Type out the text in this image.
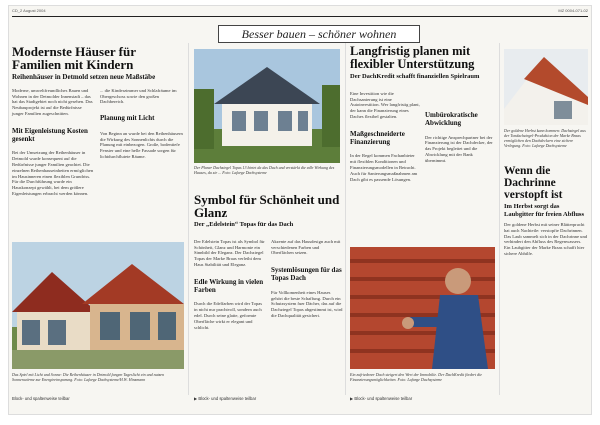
CD_2 August 2004	MZ 0004-071-02
Besser bauen – schöner wohnen
Modernste Häuser für Familien mit Kindern
Reihenhäuser in Detmold setzen neue Maßstäbe

Moderne, umweltfreundliches Bauen und Wohnen in der Detmolder Innenstadt – das hat das Stadtgebiet noch nicht gesehen. Das Neubauprojekt ist auf die Bedürfnisse junger Familien zugeschnitten.

Mit Eigenleistung Kosten gesenkt

Bei der Umsetzung der Reihenhäuser in Detmold wurde konsequent auf die Bedürfnisse junger Familien geachtet. Die einzelnen Reihenhauseinheiten ermöglichen im Hausinneren einen flexiblen Grundriss.
Für die Durchführung wurde ein Hauskonzept gewählt, bei dem größere Eigenleistungen erbracht werden können.

... die Kinderzimmer und Schlafräume im Obergeschoss sowie den großen Dachbereich.

Planung mit Licht

Von Beginn an wurde bei den Reihenhäusern die Wirkung des Sonnenlichts durch die Planung mit einbezogen. Große, bodentiefe Fenster und eine helle Fassade sorgen für lichtdurchflutete Räume.

Das Spiel mit Licht und Sonne: Die Reihenhäuser in Detmold fangen Tageslicht ein und nutzen Sonnenwärme zur Energieeinsparung. Foto: Lafarge Dachsysteme/H.W. Hinzmann
Der Planer Dachziegel Topas 13 bietet da das Dach und verstärkt die edle Wirkung des Hauses, da sie ... Foto: Lafarge Dachsysteme
Symbol für Schönheit und Glanz
Der „Edelstein“ Topas für das Dach

Der Edelstein Topas ist als Symbol für Schönheit, Glanz und Harmonie ein Sinnbild der Eleganz. Der Dachziegel Topas der Marke Braas verleiht dem Haus Stabilität und Eleganz.

Edle Wirkung in vielen Farben

Durch die Edelfarben wird der Topas in nicht nur prachtvoll, sondern auch edel. Durch seine glatte, geformte Oberfläche wirkt er elegant und schlicht.

Akzente auf das Hausdesign auch mit verschiedenen Farben und Oberflächen setzen.

Systemlösungen für das Topas Dach

Für Vollkomenheit eines Hauses gehört die beste Schaffung. Durch ein Schutzsystem fuer Dächer, das auf die Dachziegel Topas abgestimmt ist, wird die Dachqualität gesichert.

Langfristig planen mit flexibler Unterstützung
Der DachKredit schafft finanziellen Spielraum

Eine Investition wie die Dachsanierung ist eine Autoinvestition. Wer langfristig plant, der kann die Finanzierung eines Daches flexibel gestalten.

Maßgeschneiderte Finanzierung

In der Regel kommen Fachanbieter mit flexiblen Konditionen und Finanzierungsmodellen in Betracht. Auch für Sanierungsmaßnahmen am Dach gibt es passende Lösungen.

Umbürokratische Abwicklung

Der richtige Ansprechpartner bei der Finanzierung ist der Dachdecker, der das Projekt begleitet und die Abwicklung mit der Bank übernimmt.

Ein zufriedener Dach steigert den Wert der Immobilie. Der DachKredit fördert die Finanzierungsmöglichkeiten. Foto: Lafarge Dachsysteme
Der goldene Herbst kann kommen: Dachziegel aus der Tondachziegel-Produktion der Marke Braas ermöglichen den Dachdeckern eine sichere Verlegung. Foto: Lafarge Dachsysteme
Wenn die Dachrinne verstopft ist
Im Herbst sorgt das Laubgitter für freien Abfluss
Der goldene Herbst mit seiner Blätterpracht hat auch Nachteile: verstopfte Dachrinnen. Das Laub sammelt sich in der Dachrinne und verhindert den Abfluss des Regenwassers. Ein Laubgitter der Marke Braas schafft hier sichere Abhilfe.
Block- und spaltenweise teilbar	▶ Block- und spaltenweise teilbar	▶ Block- und spaltenweise teilbar
